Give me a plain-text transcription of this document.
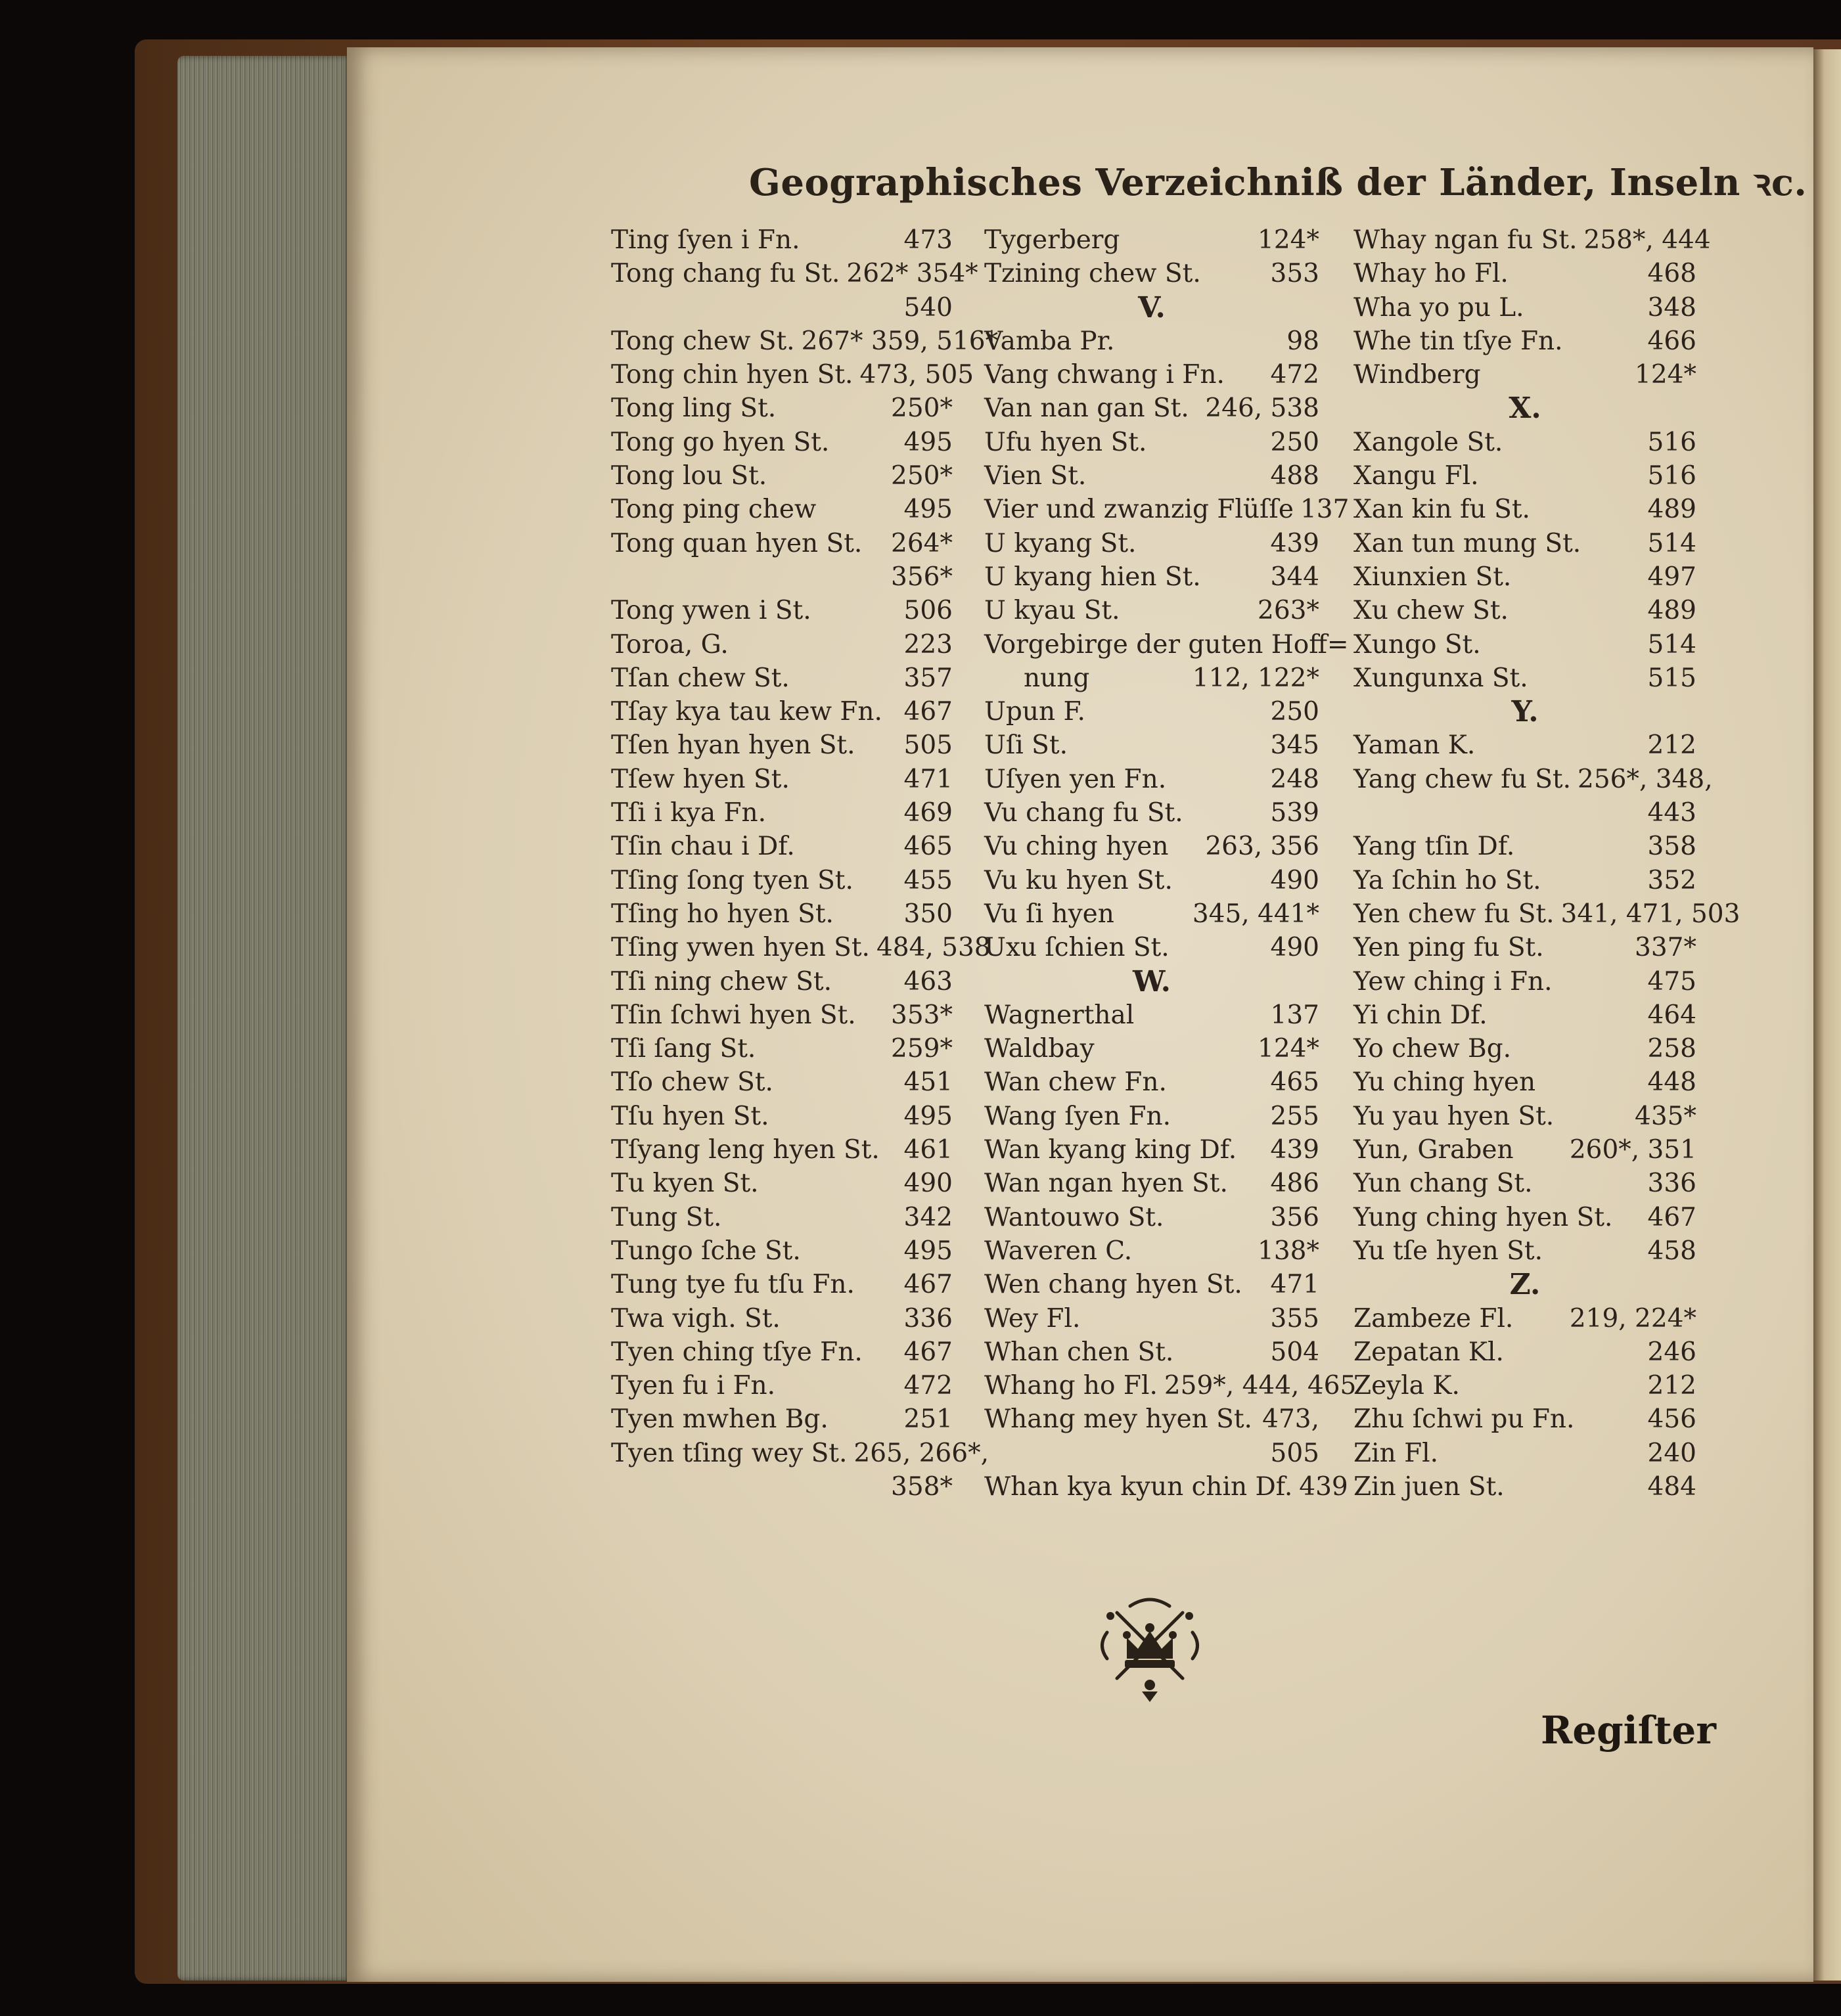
Geographisches Verzeichniß der Länder, Inseln ꝛc.
Ting ſyen i Fn.	473
Tong chang fu St. 262* 354*
540
Tong chew St. 267* 359, 516*
Tong chin hyen St. 473, 505
Tong ling St.	250*
Tong go hyen St.	495
Tong lou St.	250*
Tong ping chew	495
Tong quan hyen St. 264*
356*
Tong ywen i St.	506
Toroa, G.	223
Tſan chew St.	357
Tſay kya tau kew Fn. 467
Tſen hyan hyen St. 505
Tſew hyen St.	471
Tſi i kya Fn.	469
Tſin chau i Df.	465
Tſing ſong tyen St. 455
Tſing ho hyen St.	350
Tſing ywen hyen St. 484, 538
Tſi ning chew St.	463
Tſin ſchwi hyen St. 353*
Tſi ſang St.	259*
Tſo chew St.	451
Tſu hyen St.	495
Tſyang leng hyen St. 461
Tu kyen St.	490
Tung St.	342
Tungo ſche St.	495
Tung tye fu tſu Fn. 467
Twa vigh. St.	336
Tyen ching tſye Fn. 467
Tyen fu i Fn.	472
Tyen mwhen Bg.	251
Tyen tſing wey St. 265, 266*,
358*
Tygerberg	124*
Tzining chew St.	353
V.
Vamba Pr.	98
Vang chwang i Fn. 472
Van nan gan St. 246, 538
Ufu hyen St.	250
Vien St.	488
Vier und zwanzig Flüſſe 137
U kyang St.	439
U kyang hien St.	344
U kyau St.	263*
Vorgebirge der guten Hoff=
nung	112, 122*
Upun F.	250
Uſi St.	345
Uſyen yen Fn.	248
Vu chang fu St.	539
Vu ching hyen 263, 356
Vu ku hyen St.	490
Vu ſi hyen	345, 441*
Uxu ſchien St.	490
W.
Wagnerthal	137
Waldbay	124*
Wan chew Fn.	465
Wang ſyen Fn.	255
Wan kyang king Df. 439
Wan ngan hyen St. 486
Wantouwo St.	356
Waveren C.	138*
Wen chang hyen St. 471
Wey Fl.	355
Whan chen St.	504
Whang ho Fl. 259*, 444, 465
Whang mey hyen St. 473,
505
Whan kya kyun chin Df. 439
Whay ngan fu St. 258*, 444
Whay ho Fl.	468
Wha yo pu L.	348
Whe tin tſye Fn.	466
Windberg	124*
X.
Xangole St.	516
Xangu Fl.	516
Xan kin fu St.	489
Xan tun mung St.	514
Xiunxien St.	497
Xu chew St.	489
Xungo St.	514
Xungunxa St.	515
Y.
Yaman K.	212
Yang chew fu St. 256*, 348,
443
Yang tſin Df.	358
Ya ſchin ho St.	352
Yen chew fu St. 341, 471, 503
Yen ping fu St.	337*
Yew ching i Fn.	475
Yi chin Df.	464
Yo chew Bg.	258
Yu ching hyen	448
Yu yau hyen St.	435*
Yun, Graben 260*, 351
Yun chang St.	336
Yung ching hyen St. 467
Yu tſe hyen St.	458
Z.
Zambeze Fl. 219, 224*
Zepatan Kl.	246
Zeyla K.	212
Zhu ſchwi pu Fn.	456
Zin Fl.	240
Zin juen St.	484
Regiſter
